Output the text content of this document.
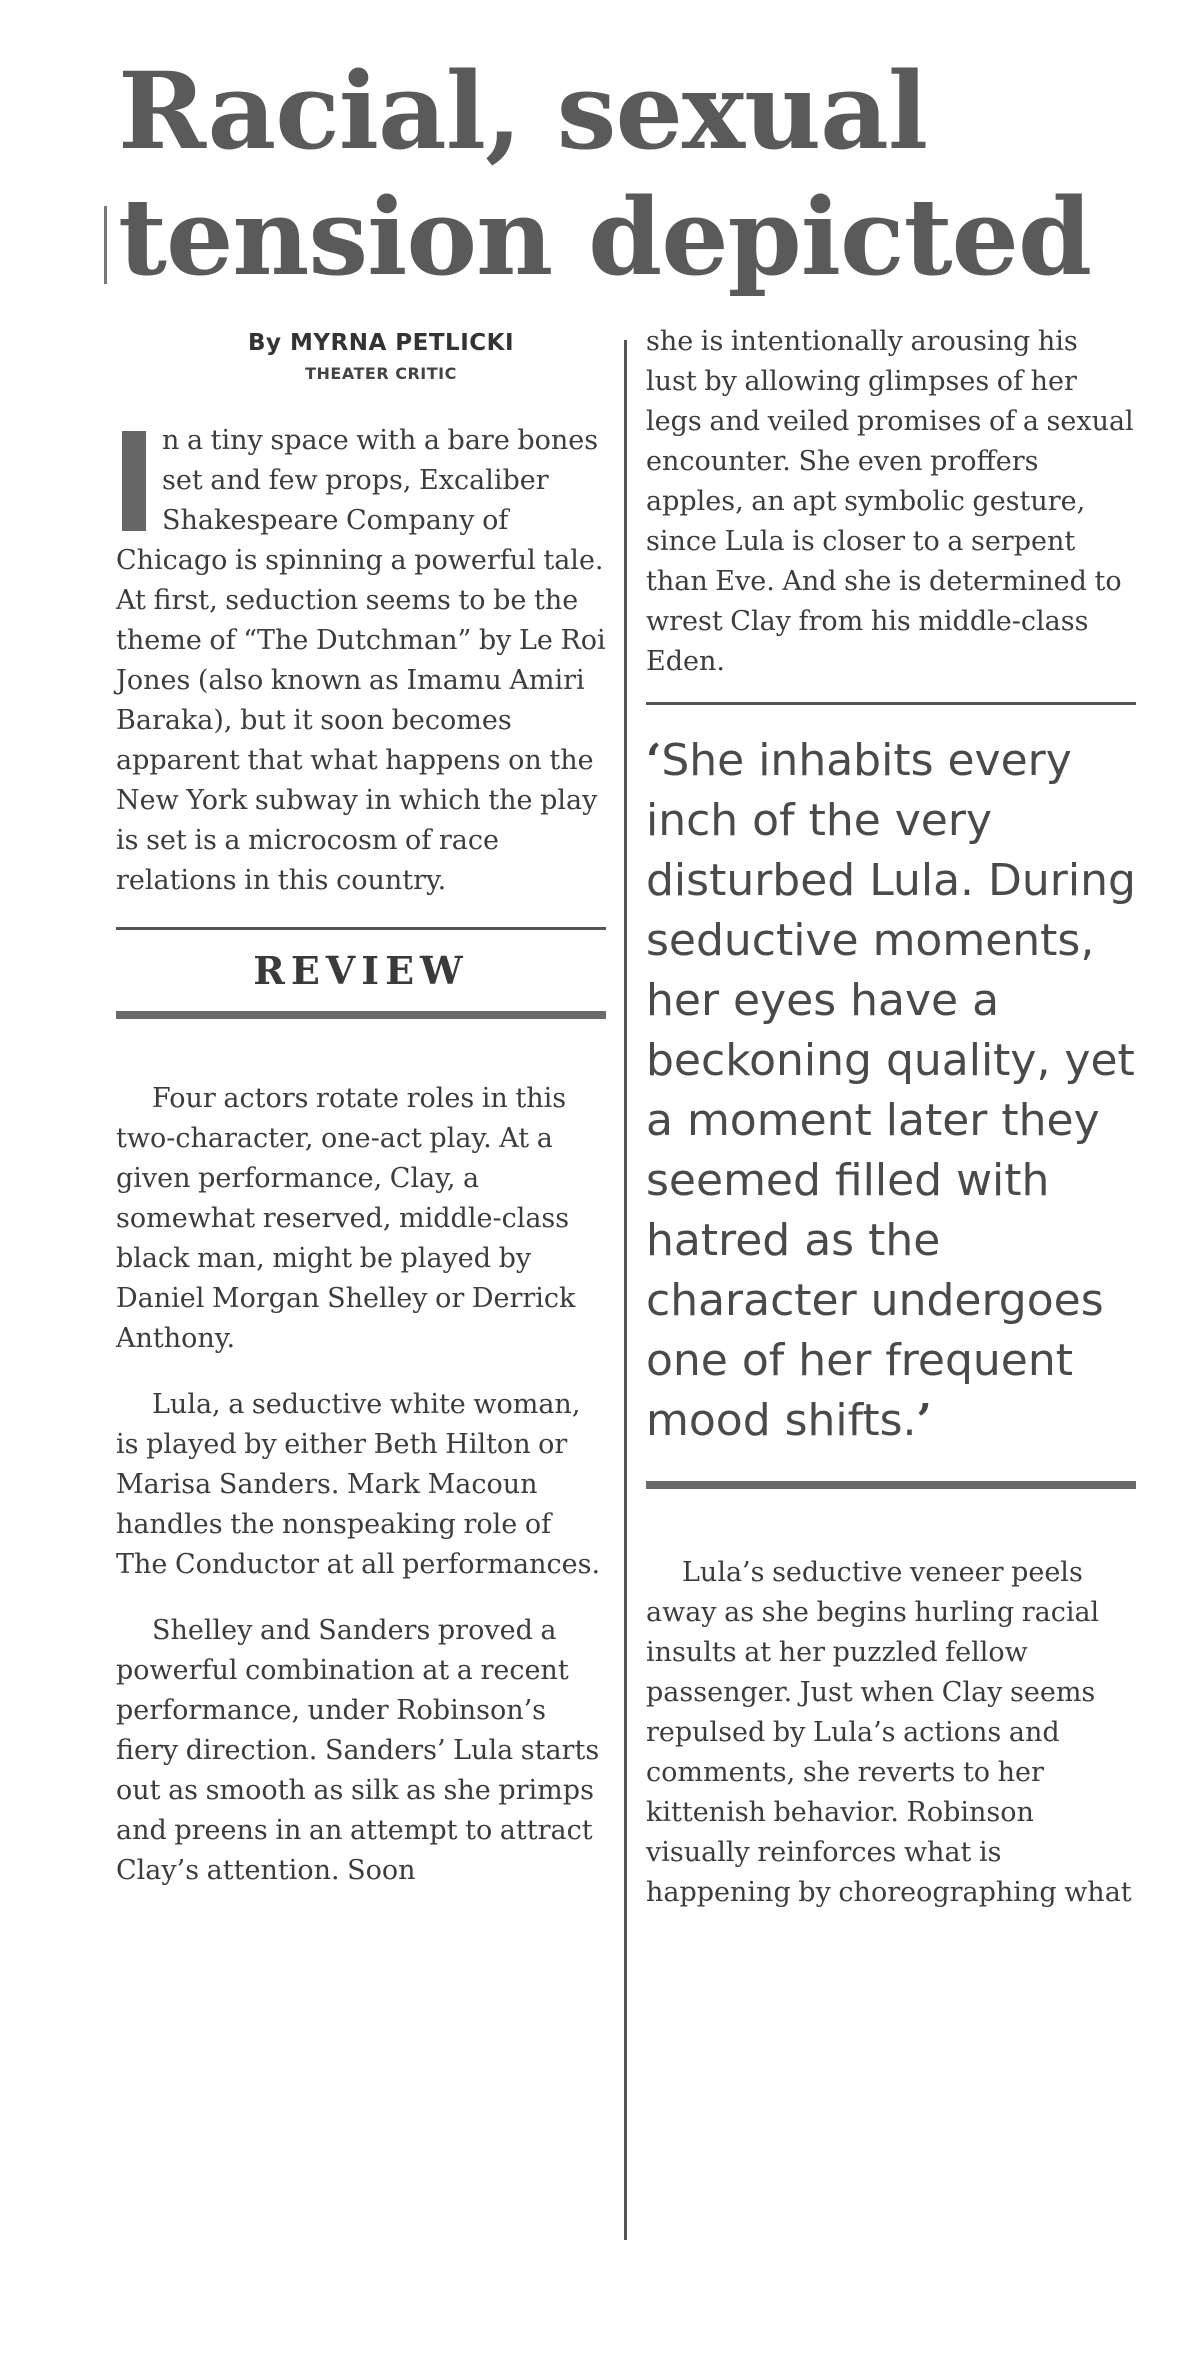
Racial, sexual
tension depicted
By MYRNA PETLICKI
THEATER CRITIC

n a tiny space with a bare bones set and few props, Excaliber Shakespeare Company of Chicago is spinning a powerful tale. At first, seduction seems to be the theme of “The Dutchman” by Le Roi Jones (also known as Imamu Amiri Baraka), but it soon becomes apparent that what happens on the New York subway in which the play is set is a microcosm of race relations in this country.

REVIEW

Four actors rotate roles in this two-character, one-act play. At a given performance, Clay, a somewhat reserved, middle-class black man, might be played by Daniel Morgan Shelley or Derrick Anthony.

Lula, a seductive white woman, is played by either Beth Hilton or Marisa Sanders. Mark Macoun handles the nonspeaking role of The Conductor at all performances.

Shelley and Sanders proved a powerful combination at a recent performance, under Robinson’s fiery direction. Sanders’ Lula starts out as smooth as silk as she primps and preens in an attempt to attract Clay’s attention. Soon

she is intentionally arousing his lust by allowing glimpses of her legs and veiled promises of a sexual encounter. She even proffers apples, an apt symbolic gesture, since Lula is closer to a serpent than Eve. And she is determined to wrest Clay from his middle-class Eden.

‘She inhabits every inch of the very disturbed Lula. During seductive moments, her eyes have a beckoning quality, yet a moment later they seemed filled with hatred as the character undergoes one of her frequent mood shifts.’

Lula’s seductive veneer peels away as she begins hurling racial insults at her puzzled fellow passenger. Just when Clay seems repulsed by Lula’s actions and comments, she reverts to her kittenish behavior. Robinson visually reinforces what is happening by choreographing what
